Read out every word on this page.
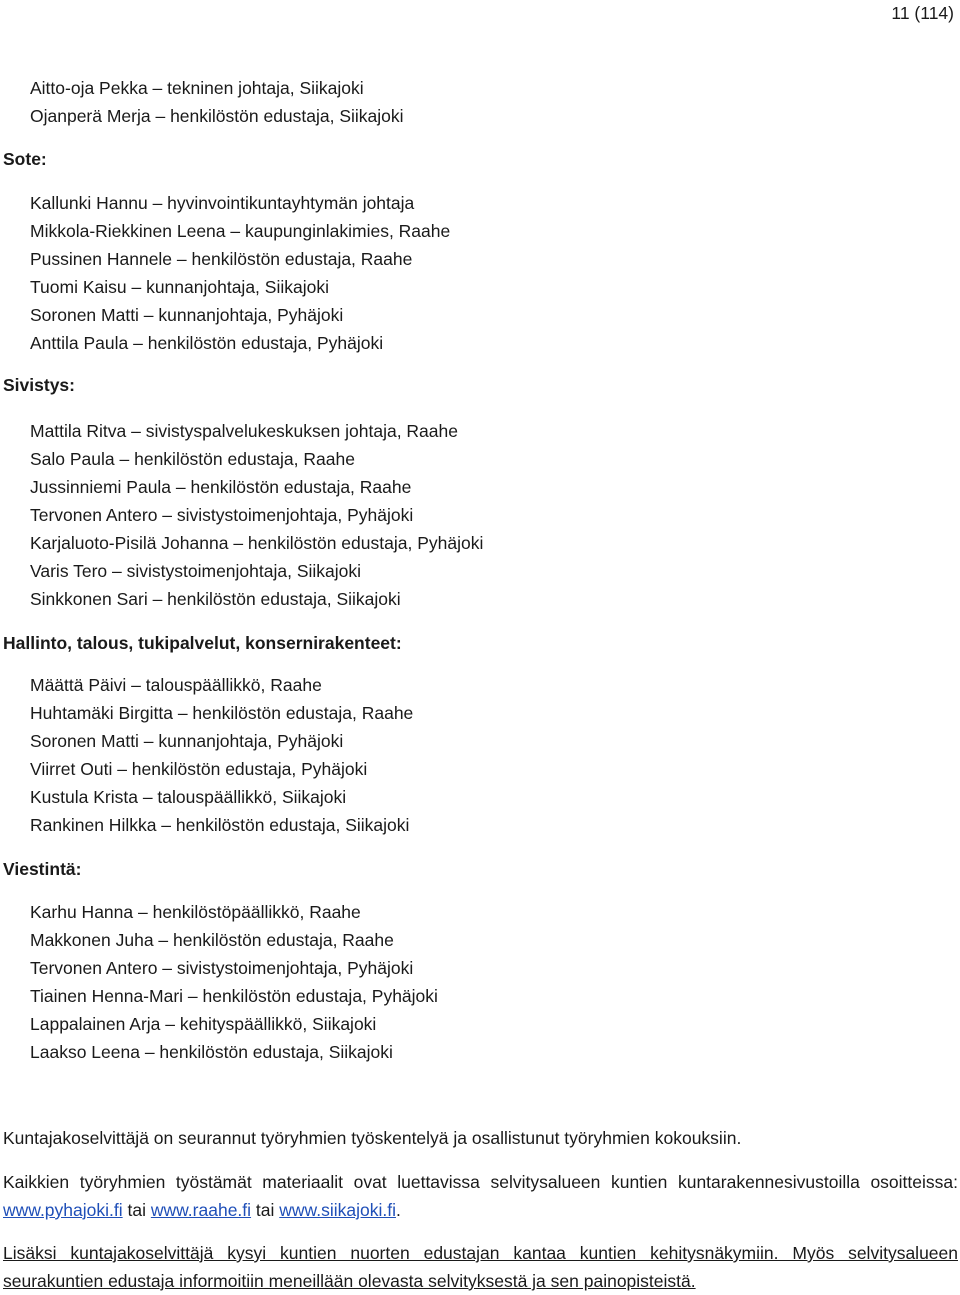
11 (114)
Aitto-oja Pekka – tekninen johtaja, Siikajoki
Ojanperä Merja – henkilöstön edustaja, Siikajoki
Sote:
Kallunki Hannu – hyvinvointikuntayhtymän johtaja
Mikkola-Riekkinen Leena – kaupunginlakimies, Raahe
Pussinen Hannele – henkilöstön edustaja, Raahe
Tuomi Kaisu – kunnanjohtaja, Siikajoki
Soronen Matti – kunnanjohtaja, Pyhäjoki
Anttila Paula – henkilöstön edustaja, Pyhäjoki
Sivistys:
Mattila Ritva – sivistyspalvelukeskuksen johtaja, Raahe
Salo Paula – henkilöstön edustaja, Raahe
Jussinniemi Paula – henkilöstön edustaja, Raahe
Tervonen Antero – sivistystoimenjohtaja, Pyhäjoki
Karjaluoto-Pisilä Johanna – henkilöstön edustaja, Pyhäjoki
Varis Tero – sivistystoimenjohtaja, Siikajoki
Sinkkonen Sari – henkilöstön edustaja, Siikajoki
Hallinto, talous, tukipalvelut, konsernirakenteet:
Määttä Päivi – talouspäällikkö, Raahe
Huhtamäki Birgitta – henkilöstön edustaja, Raahe
Soronen Matti – kunnanjohtaja, Pyhäjoki
Viirret Outi – henkilöstön edustaja, Pyhäjoki
Kustula Krista – talouspäällikkö, Siikajoki
Rankinen Hilkka – henkilöstön edustaja, Siikajoki
Viestintä:
Karhu Hanna – henkilöstöpäällikkö, Raahe
Makkonen Juha – henkilöstön edustaja, Raahe
Tervonen Antero – sivistystoimenjohtaja, Pyhäjoki
Tiainen Henna-Mari – henkilöstön edustaja, Pyhäjoki
Lappalainen Arja – kehityspäällikkö, Siikajoki
Laakso Leena – henkilöstön edustaja, Siikajoki

Kuntajakoselvittäjä on seurannut työryhmien työskentelyä ja osallistunut työryhmien kokouksiin.

Kaikkien työryhmien työstämät materiaalit ovat luettavissa selvitysalueen kuntien kuntarakennesivustoilla osoitteissa: www.pyhajoki.fi tai www.raahe.fi tai www.siikajoki.fi.

Lisäksi kuntajakoselvittäjä kysyi kuntien nuorten edustajan kantaa kuntien kehitysnäkymiin. Myös selvitysalueen seurakuntien edustaja informoitiin meneillään olevasta selvityksestä ja sen painopisteistä.
